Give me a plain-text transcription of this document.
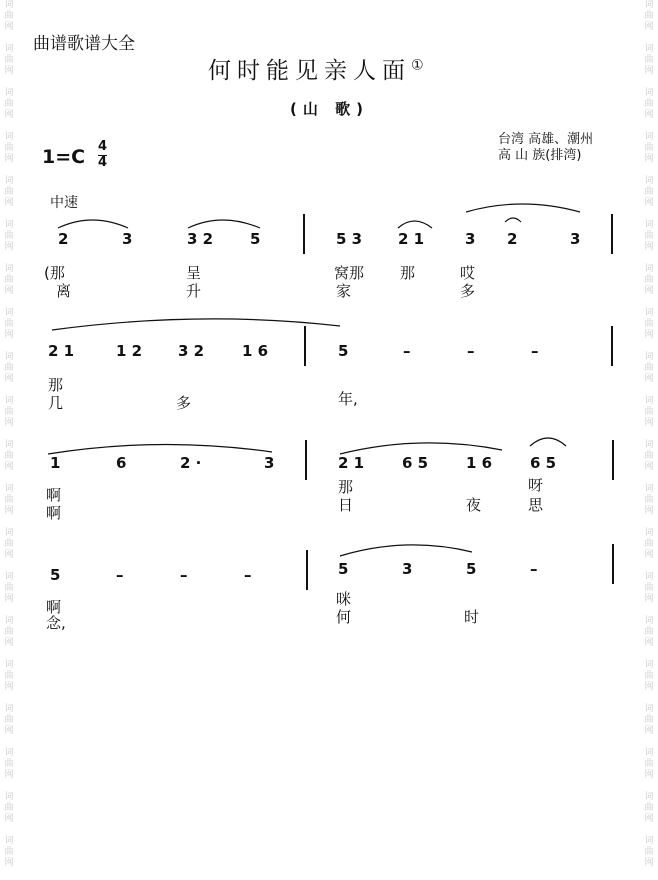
词
曲
网

词
曲
网

词
曲
网

词
曲
网

词
曲
网

词
曲
网

词
曲
网

词
曲
网

词
曲
网

词
曲
网

词
曲
网

词
曲
网

词
曲
网

词
曲
网

词
曲
网

词
曲
网

词
曲
网

词
曲
网

词
曲
网

词
曲
网

词
曲
网

词
曲
网

词
曲
网

词
曲
网

词
曲
网

词
曲
网

词
曲
网

词
曲
网

词
曲
网

词
曲
网

词
曲
网

词
曲
网

词
曲
网

词
曲
网

词
曲
网

词
曲
网

词
曲
网

词
曲
网

词
曲
网

词
曲
网

曲谱歌谱大全
何时能见亲人面①
(山 歌)
1=C 4
4
台湾 高雄、潮州
高 山 族(排湾)
中速
2	3	3 2 5	5 3 2 1	3 2	3
(那	呈	窝那 那	哎
离	升	家	多
2 1	1 2 3 2	1 6	5	–	–	–
那
几	多	年,
1	6	2 ·	3	2 1	6 5	1 6	6 5
啊	那	呀
啊	日	夜	思
5	–	–	–	5	3	5	–
啊	咪
念,	何	时
